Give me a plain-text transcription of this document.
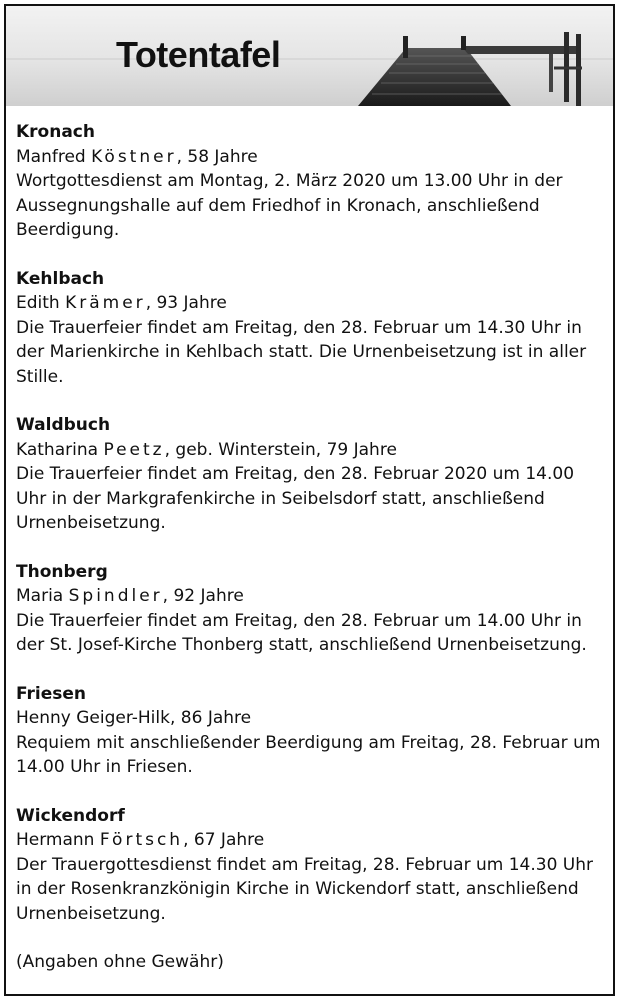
Totentafel
Kronach
Manfred Köstner, 58 Jahre
Wortgottesdienst am Montag, 2. März 2020 um 13.00 Uhr in der Aussegnungshalle auf dem Friedhof in Kronach, anschließend Beerdigung.
Kehlbach
Edith Krämer, 93 Jahre
Die Trauerfeier findet am Freitag, den 28. Februar um 14.30 Uhr in der Marienkirche in Kehlbach statt. Die Urnenbeisetzung ist in aller Stille.
Waldbuch
Katharina Peetz, geb. Winterstein, 79 Jahre
Die Trauerfeier findet am Freitag, den 28. Februar 2020 um 14.00 Uhr in der Markgrafenkirche in Seibelsdorf statt, anschließend Urnenbeisetzung.
Thonberg
Maria Spindler, 92 Jahre
Die Trauerfeier findet am Freitag, den 28. Februar um 14.00 Uhr in der St. Josef-Kirche Thonberg statt, anschließend Urnenbeisetzung.
Friesen
Henny Geiger-Hilk, 86 Jahre
Requiem mit anschließender Beerdigung am Freitag, 28. Februar um 14.00 Uhr in Friesen.
Wickendorf
Hermann Förtsch, 67 Jahre
Der Trauergottesdienst findet am Freitag, 28. Februar um 14.30 Uhr in der Rosenkranzkönigin Kirche in Wickendorf statt, anschließend Urnenbeisetzung.
(Angaben ohne Gewähr)
